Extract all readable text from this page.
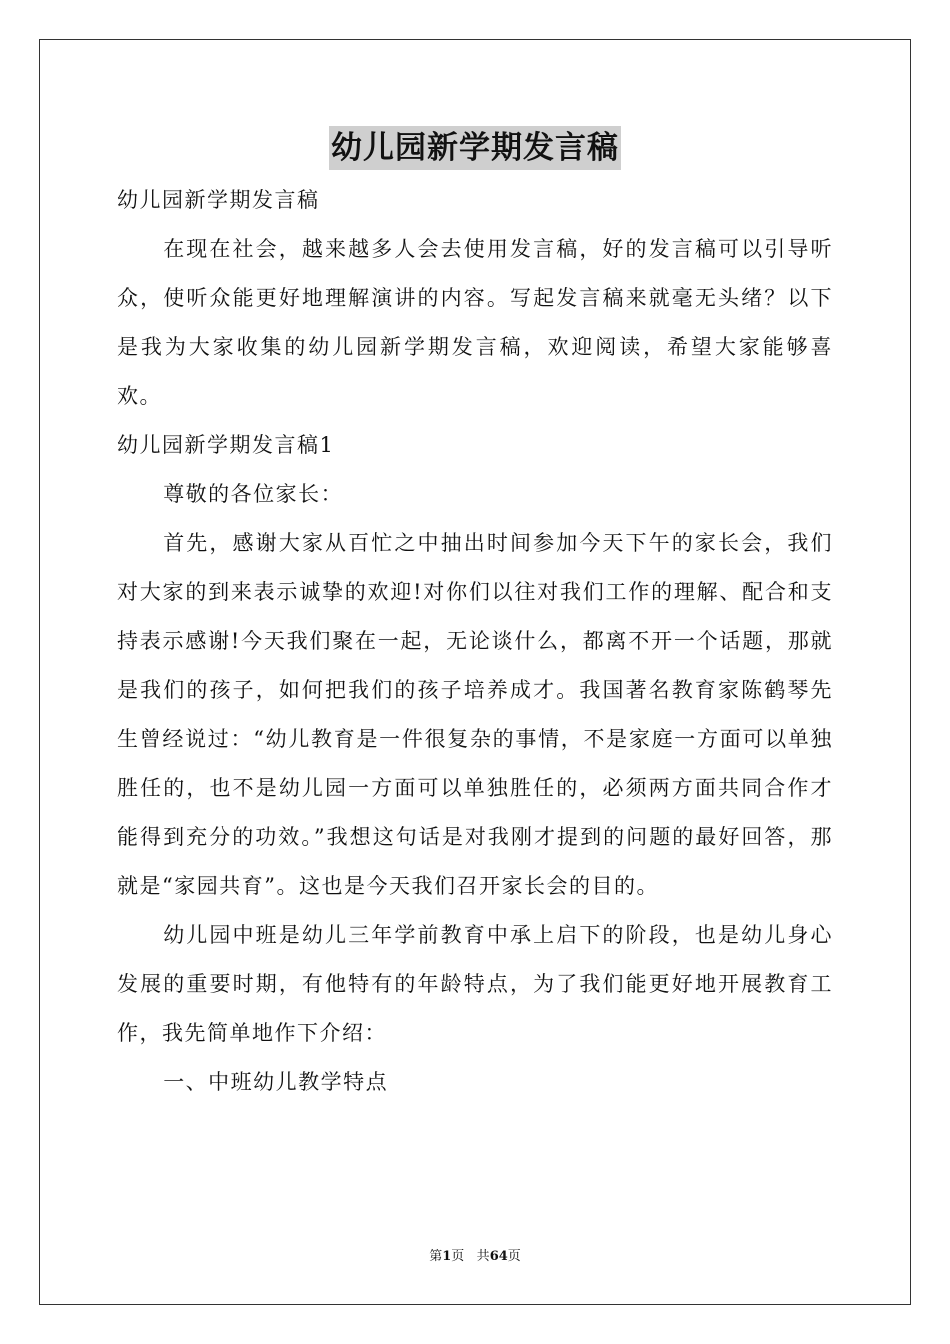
幼儿园新学期发言稿

幼儿园新学期发言稿

在现在社会，越来越多人会去使用发言稿，好的发言稿可以引导听众，使听众能更好地理解演讲的内容。写起发言稿来就毫无头绪？以下是我为大家收集的幼儿园新学期发言稿，欢迎阅读，希望大家能够喜欢。

幼儿园新学期发言稿1

尊敬的各位家长：

首先，感谢大家从百忙之中抽出时间参加今天下午的家长会，我们对大家的到来表示诚挚的欢迎!对你们以往对我们工作的理解、配合和支持表示感谢!今天我们聚在一起，无论谈什么，都离不开一个话题，那就是我们的孩子，如何把我们的孩子培养成才。我国著名教育家陈鹤琴先生曾经说过：“幼儿教育是一件很复杂的事情，不是家庭一方面可以单独胜任的，也不是幼儿园一方面可以单独胜任的，必须两方面共同合作才能得到充分的功效。”我想这句话是对我刚才提到的问题的最好回答，那就是“家园共育”。这也是今天我们召开家长会的目的。

幼儿园中班是幼儿三年学前教育中承上启下的阶段，也是幼儿身心发展的重要时期，有他特有的年龄特点，为了我们能更好地开展教育工作，我先简单地作下介绍：

一、中班幼儿教学特点

第1页 共64页
